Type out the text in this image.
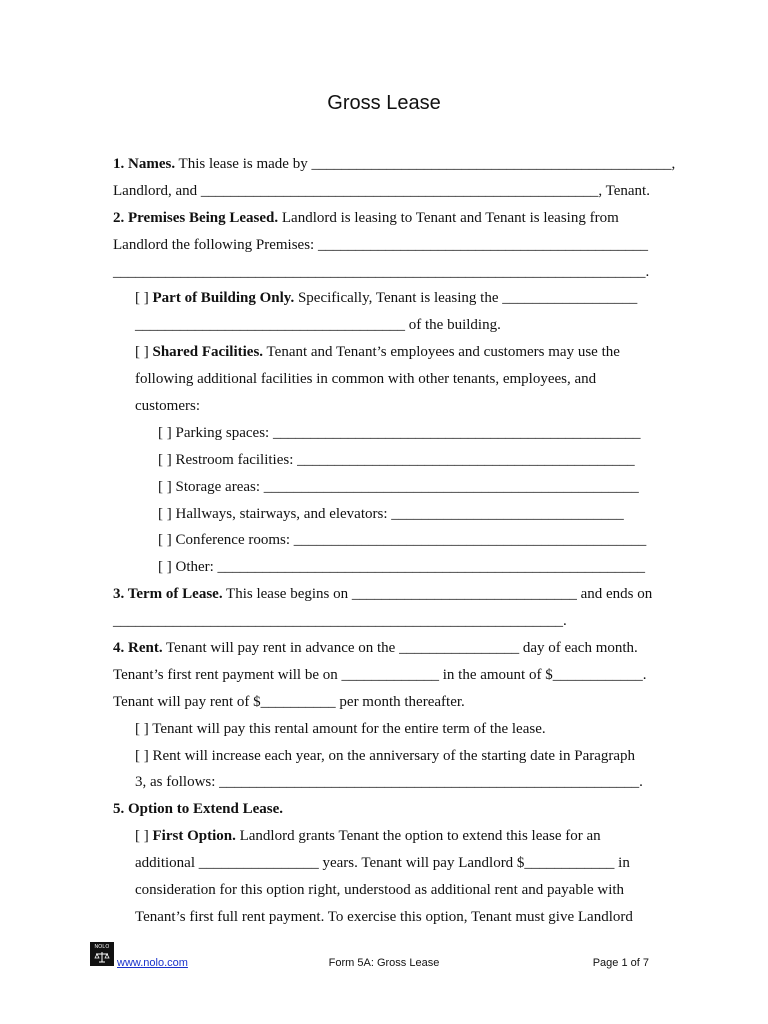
Gross Lease
1. Names. This lease is made by ________________________________________________,
Landlord, and _____________________________________________________, Tenant.
2. Premises Being Leased. Landlord is leasing to Tenant and Tenant is leasing from
Landlord the following Premises: ____________________________________________
_______________________________________________________________________.
[ ] Part of Building Only. Specifically, Tenant is leasing the __________________
____________________________________ of the building.
[ ] Shared Facilities. Tenant and Tenant’s employees and customers may use the
following additional facilities in common with other tenants, employees, and
customers:
[ ] Parking spaces: _________________________________________________
[ ] Restroom facilities: _____________________________________________
[ ] Storage areas: __________________________________________________
[ ] Hallways, stairways, and elevators: _______________________________
[ ] Conference rooms: _______________________________________________
[ ] Other: _________________________________________________________
3. Term of Lease. This lease begins on ______________________________ and ends on
____________________________________________________________.
4. Rent. Tenant will pay rent in advance on the ________________ day of each month.
Tenant’s first rent payment will be on _____________ in the amount of $____________.
Tenant will pay rent of $__________ per month thereafter.
[ ] Tenant will pay this rental amount for the entire term of the lease.
[ ] Rent will increase each year, on the anniversary of the starting date in Paragraph
3, as follows: ________________________________________________________.
5. Option to Extend Lease.
[ ] First Option. Landlord grants Tenant the option to extend this lease for an
additional ________________ years. Tenant will pay Landlord $____________ in
consideration for this option right, understood as additional rent and payable with
Tenant’s first full rent payment. To exercise this option, Tenant must give Landlord
NOLO
www.nolo.com	Form 5A: Gross Lease	Page 1 of 7
